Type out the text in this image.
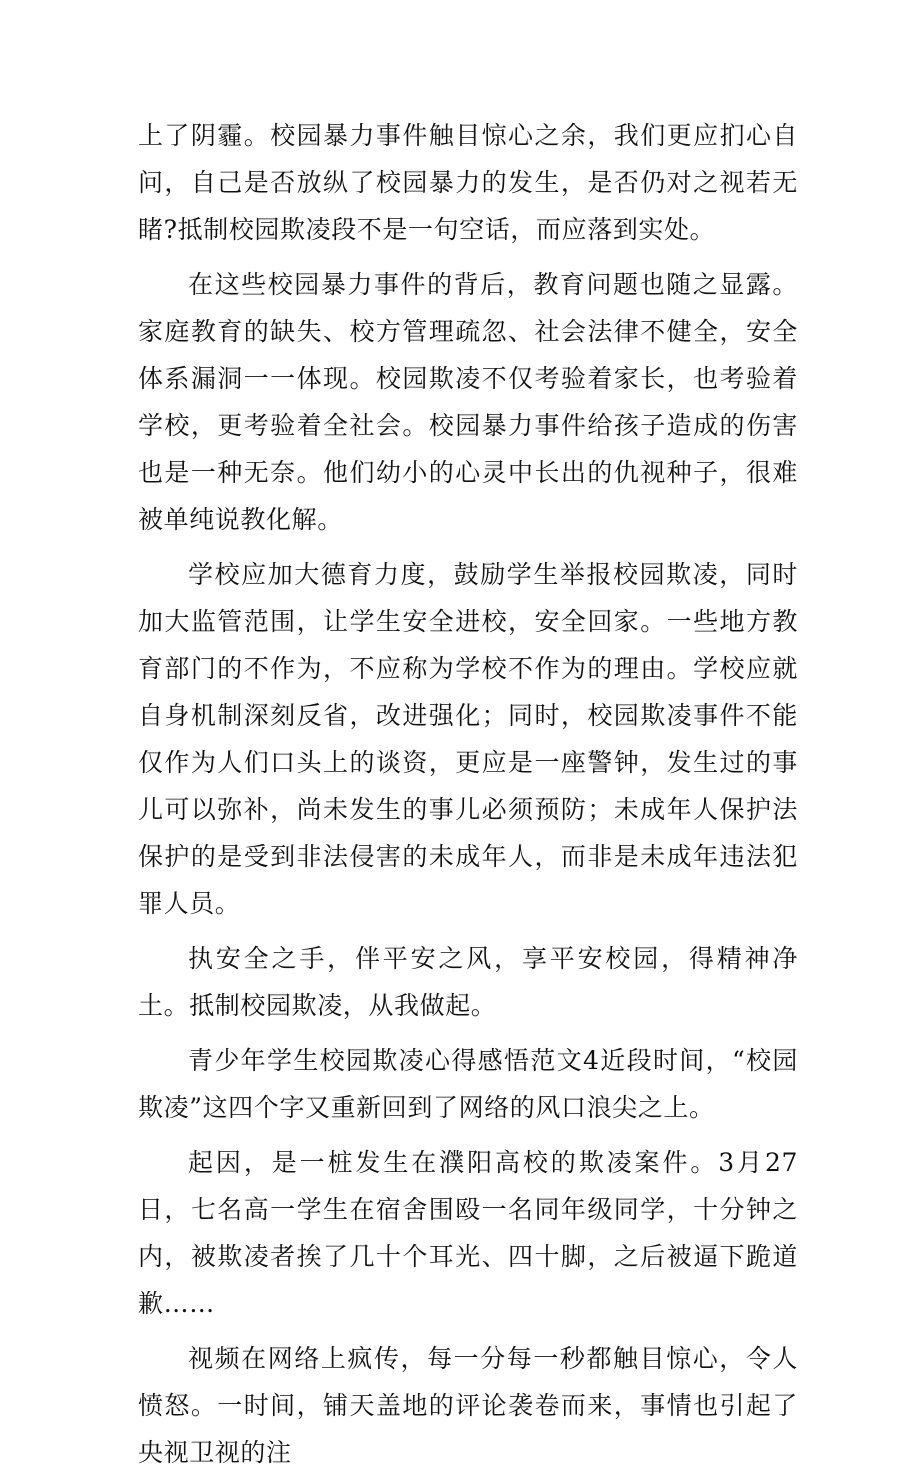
上了阴霾。校园暴力事件触目惊心之余，我们更应扪心自问，自己是否放纵了校园暴力的发生，是否仍对之视若无睹?抵制校园欺凌段不是一句空话，而应落到实处。

在这些校园暴力事件的背后，教育问题也随之显露。家庭教育的缺失、校方管理疏忽、社会法律不健全，安全体系漏洞一一体现。校园欺凌不仅考验着家长，也考验着学校，更考验着全社会。校园暴力事件给孩子造成的伤害也是一种无奈。他们幼小的心灵中长出的仇视种子，很难被单纯说教化解。

学校应加大德育力度，鼓励学生举报校园欺凌，同时加大监管范围，让学生安全进校，安全回家。一些地方教育部门的不作为，不应称为学校不作为的理由。学校应就自身机制深刻反省，改进强化；同时，校园欺凌事件不能仅作为人们口头上的谈资，更应是一座警钟，发生过的事儿可以弥补，尚未发生的事儿必须预防；未成年人保护法保护的是受到非法侵害的未成年人，而非是未成年违法犯罪人员。

执安全之手，伴平安之风，享平安校园，得精神净土。抵制校园欺凌，从我做起。

青少年学生校园欺凌心得感悟范文4近段时间，“校园欺凌”这四个字又重新回到了网络的风口浪尖之上。

起因，是一桩发生在濮阳高校的欺凌案件。3月27日，七名高一学生在宿舍围殴一名同年级同学，十分钟之内，被欺凌者挨了几十个耳光、四十脚，之后被逼下跪道歉……

视频在网络上疯传，每一分每一秒都触目惊心，令人愤怒。一时间，铺天盖地的评论袭卷而来，事情也引起了央视卫视的注
